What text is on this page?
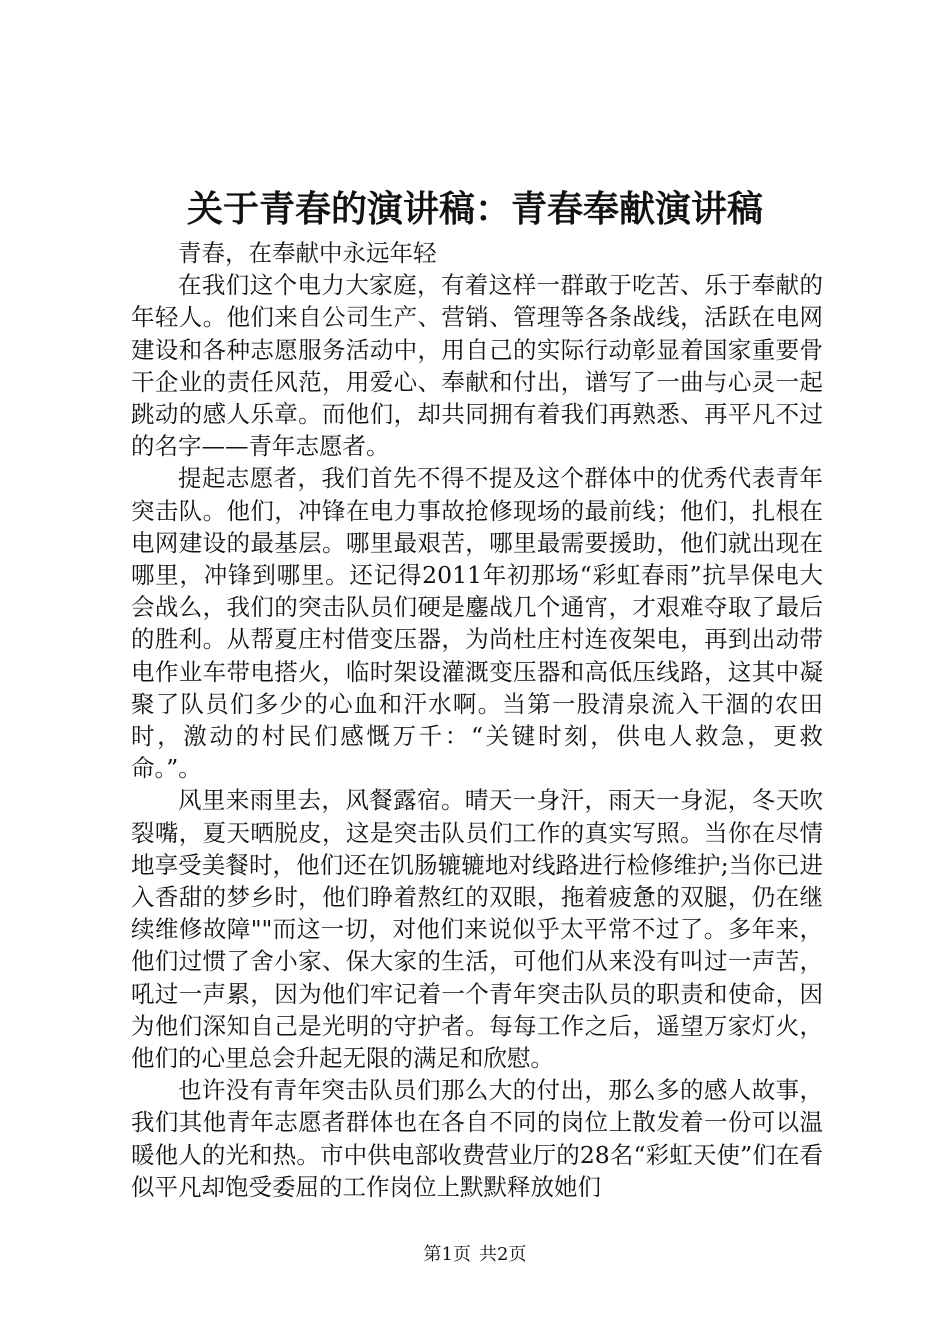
关于青春的演讲稿：青春奉献演讲稿

青春，在奉献中永远年轻

在我们这个电力大家庭，有着这样一群敢于吃苦、乐于奉献的年轻人。他们来自公司生产、营销、管理等各条战线，活跃在电网建设和各种志愿服务活动中，用自己的实际行动彰显着国家重要骨干企业的责任风范，用爱心、奉献和付出，谱写了一曲与心灵一起跳动的感人乐章。而他们，却共同拥有着我们再熟悉、再平凡不过的名字——青年志愿者。

提起志愿者，我们首先不得不提及这个群体中的优秀代表青年突击队。他们，冲锋在电力事故抢修现场的最前线；他们，扎根在电网建设的最基层。哪里最艰苦，哪里最需要援助，他们就出现在哪里，冲锋到哪里。还记得2011年初那场“彩虹春雨”抗旱保电大会战么，我们的突击队员们硬是鏖战几个通宵，才艰难夺取了最后的胜利。从帮夏庄村借变压器，为尚杜庄村连夜架电，再到出动带电作业车带电搭火，临时架设灌溉变压器和高低压线路，这其中凝聚了队员们多少的心血和汗水啊。当第一股清泉流入干涸的农田时，激动的村民们感慨万千：“关键时刻，供电人救急，更救命。”。

风里来雨里去，风餐露宿。晴天一身汗，雨天一身泥，冬天吹裂嘴，夏天晒脱皮，这是突击队员们工作的真实写照。当你在尽情地享受美餐时，他们还在饥肠辘辘地对线路进行检修维护;当你已进入香甜的梦乡时，他们睁着熬红的双眼，拖着疲惫的双腿，仍在继续维修故障""而这一切，对他们来说似乎太平常不过了。多年来，他们过惯了舍小家、保大家的生活，可他们从来没有叫过一声苦，吼过一声累，因为他们牢记着一个青年突击队员的职责和使命，因为他们深知自己是光明的守护者。每每工作之后，遥望万家灯火，他们的心里总会升起无限的满足和欣慰。

也许没有青年突击队员们那么大的付出，那么多的感人故事，我们其他青年志愿者群体也在各自不同的岗位上散发着一份可以温暖他人的光和热。市中供电部收费营业厅的28名“彩虹天使”们在看似平凡却饱受委屈的工作岗位上默默释放她们

第1页 共2页
